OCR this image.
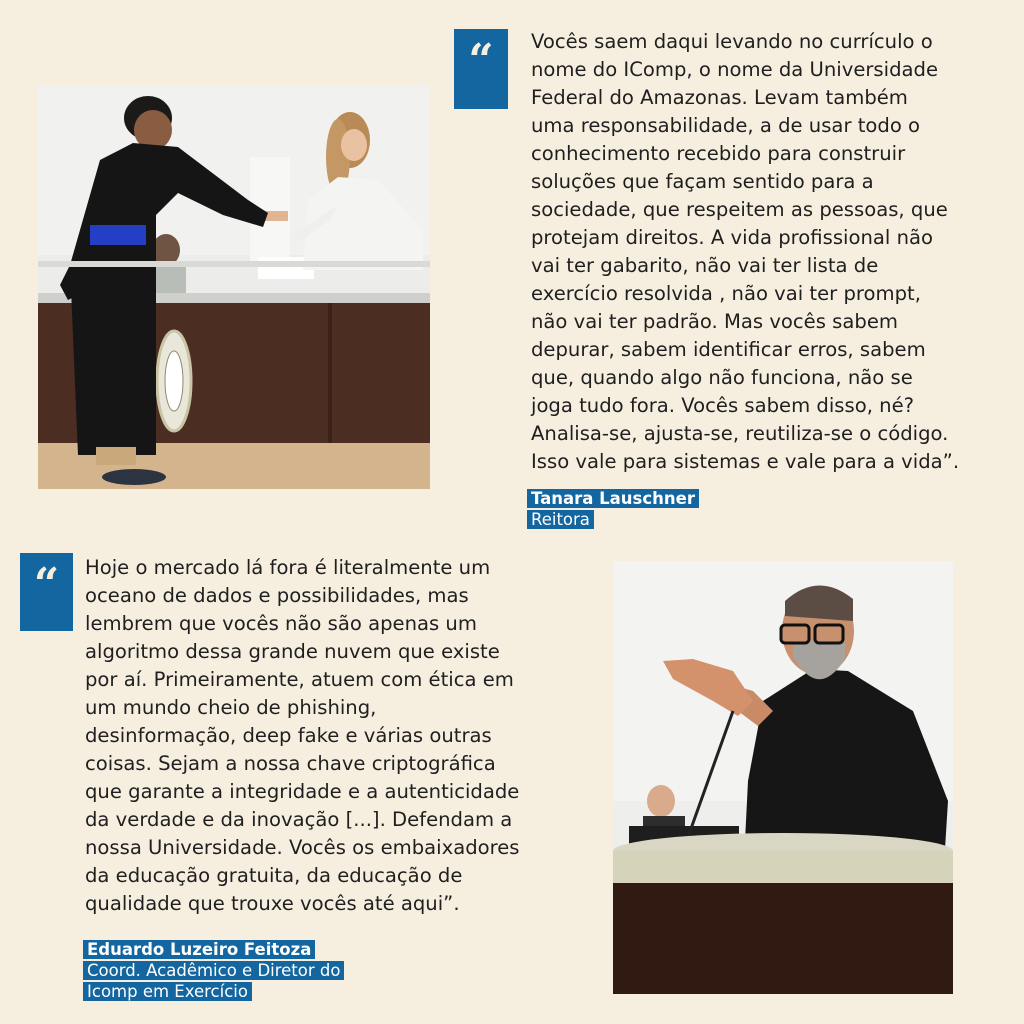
“	Vocês saem daqui levando no currículo o
nome do IComp, o nome da Universidade
Federal do Amazonas. Levam também
uma responsabilidade, a de usar todo o
conhecimento recebido para construir
soluções que façam sentido para a
sociedade, que respeitem as pessoas, que
protejam direitos. A vida profissional não
vai ter gabarito, não vai ter lista de
exercício resolvida , não vai ter prompt,
não vai ter padrão. Mas vocês sabem
depurar, sabem identificar erros, sabem
que, quando algo não funciona, não se
joga tudo fora. Vocês sabem disso, né?
Analisa-se, ajusta-se, reutiliza-se o código.
Isso vale para sistemas e vale para a vida”.
Tanara Lauschner
Reitora
“	Hoje o mercado lá fora é literalmente um
oceano de dados e possibilidades, mas
lembrem que vocês não são apenas um
algoritmo dessa grande nuvem que existe
por aí. Primeiramente, atuem com ética em
um mundo cheio de phishing,
desinformação, deep fake e várias outras
coisas. Sejam a nossa chave criptográfica
que garante a integridade e a autenticidade
da verdade e da inovação [...]. Defendam a
nossa Universidade. Vocês os embaixadores
da educação gratuita, da educação de
qualidade que trouxe vocês até aqui”.
Eduardo Luzeiro Feitoza
Coord. Acadêmico e Diretor do
Icomp em Exercício
